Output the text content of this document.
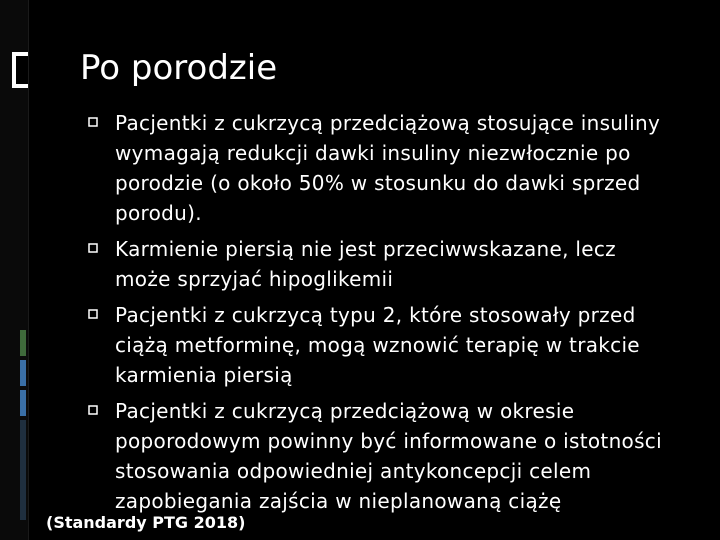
Po porodzie
Pacjentki z cukrzycą przedciążową stosujące insuliny wymagają redukcji dawki insuliny niezwłocznie po porodzie (o około 50% w stosunku do dawki sprzed porodu).
Karmienie piersią nie jest przeciwwskazane, lecz może sprzyjać hipoglikemii
Pacjentki z cukrzycą typu 2, które stosowały przed ciążą metforminę, mogą wznowić terapię w trakcie karmienia piersią
Pacjentki z cukrzycą przedciążową w okresie poporodowym powinny być informowane o istotności stosowania odpowiedniej antykoncepcji celem zapobiegania zajścia w nieplanowaną ciążę
(Standardy PTG 2018)
